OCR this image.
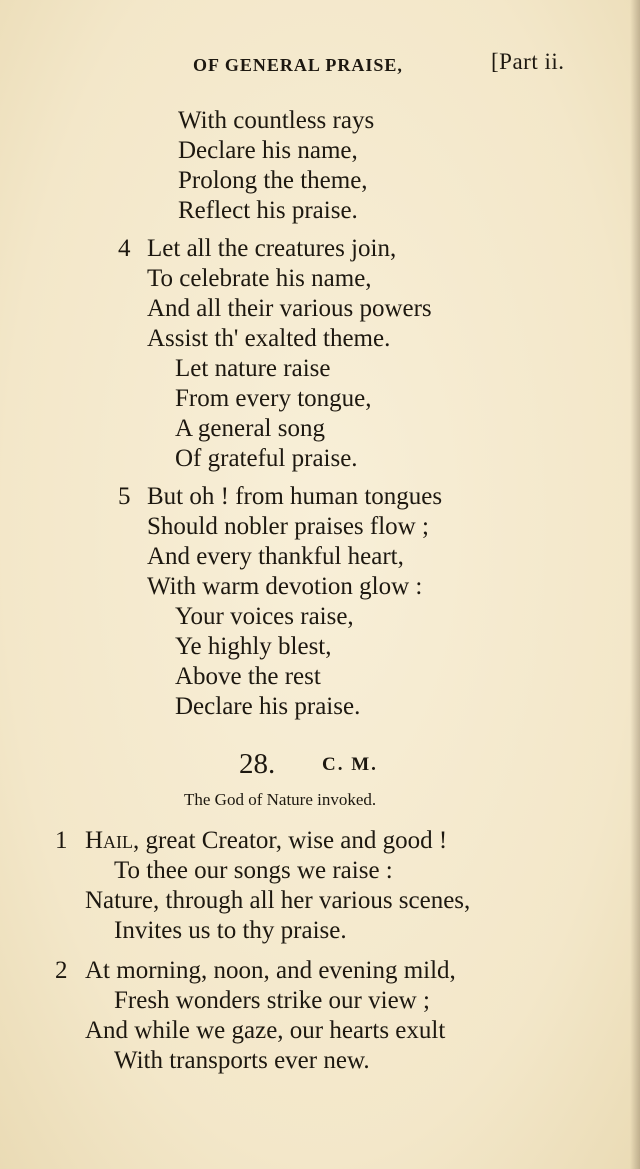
OF GENERAL PRAISE,	[Part ii.
With countless rays
Declare his name,
Prolong the theme,
Reflect his praise.
4 Let all the creatures join,
To celebrate his name,
And all their various powers
Assist th' exalted theme.
Let nature raise
From every tongue,
A general song
Of grateful praise.
5 But oh ! from human tongues
Should nobler praises flow ;
And every thankful heart,
With warm devotion glow :
Your voices raise,
Ye highly blest,
Above the rest
Declare his praise.
28. C. M.
The God of Nature invoked.
1 Hail, great Creator, wise and good !
To thee our songs we raise :
Nature, through all her various scenes,
Invites us to thy praise.
2 At morning, noon, and evening mild,
Fresh wonders strike our view ;
And while we gaze, our hearts exult
With transports ever new.
